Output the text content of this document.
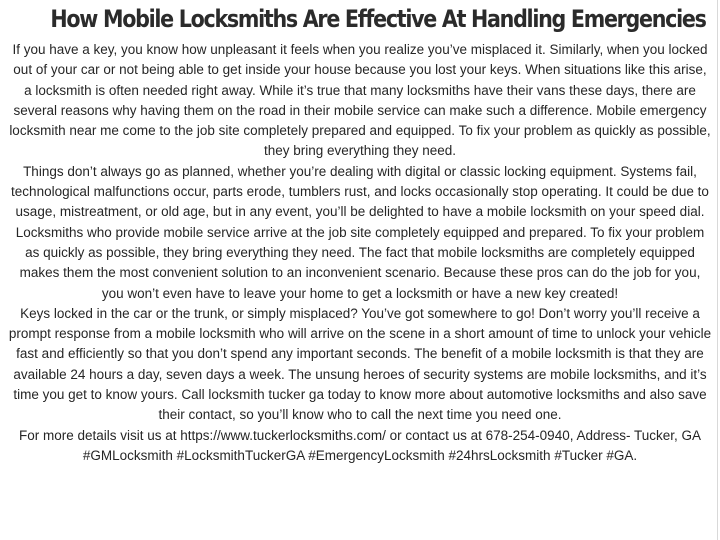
How Mobile Locksmiths Are Effective At Handling Emergencies

If you have a key, you know how unpleasant it feels when you realize you’ve misplaced it. Similarly, when you locked out of your car or not being able to get inside your house because you lost your keys. When situations like this arise, a locksmith is often needed right away. While it’s true that many locksmiths have their vans these days, there are several reasons why having them on the road in their mobile service can make such a difference. Mobile emergency locksmith near me come to the job site completely prepared and equipped. To fix your problem as quickly as possible, they bring everything they need.

Things don’t always go as planned, whether you’re dealing with digital or classic locking equipment. Systems fail, technological malfunctions occur, parts erode, tumblers rust, and locks occasionally stop operating. It could be due to usage, mistreatment, or old age, but in any event, you’ll be delighted to have a mobile locksmith on your speed dial. Locksmiths who provide mobile service arrive at the job site completely equipped and prepared. To fix your problem as quickly as possible, they bring everything they need. The fact that mobile locksmiths are completely equipped makes them the most convenient solution to an inconvenient scenario. Because these pros can do the job for you, you won’t even have to leave your home to get a locksmith or have a new key created!

Keys locked in the car or the trunk, or simply misplaced? You’ve got somewhere to go! Don’t worry you’ll receive a prompt response from a mobile locksmith who will arrive on the scene in a short amount of time to unlock your vehicle fast and efficiently so that you don’t spend any important seconds. The benefit of a mobile locksmith is that they are available 24 hours a day, seven days a week. The unsung heroes of security systems are mobile locksmiths, and it’s time you get to know yours. Call locksmith tucker ga today to know more about automotive locksmiths and also save their contact, so you’ll know who to call the next time you need one.

For more details visit us at https://www.tuckerlocksmiths.com/ or contact us at 678-254-0940, Address- Tucker, GA #GMLocksmith #LocksmithTuckerGA #EmergencyLocksmith #24hrsLocksmith #Tucker #GA.
